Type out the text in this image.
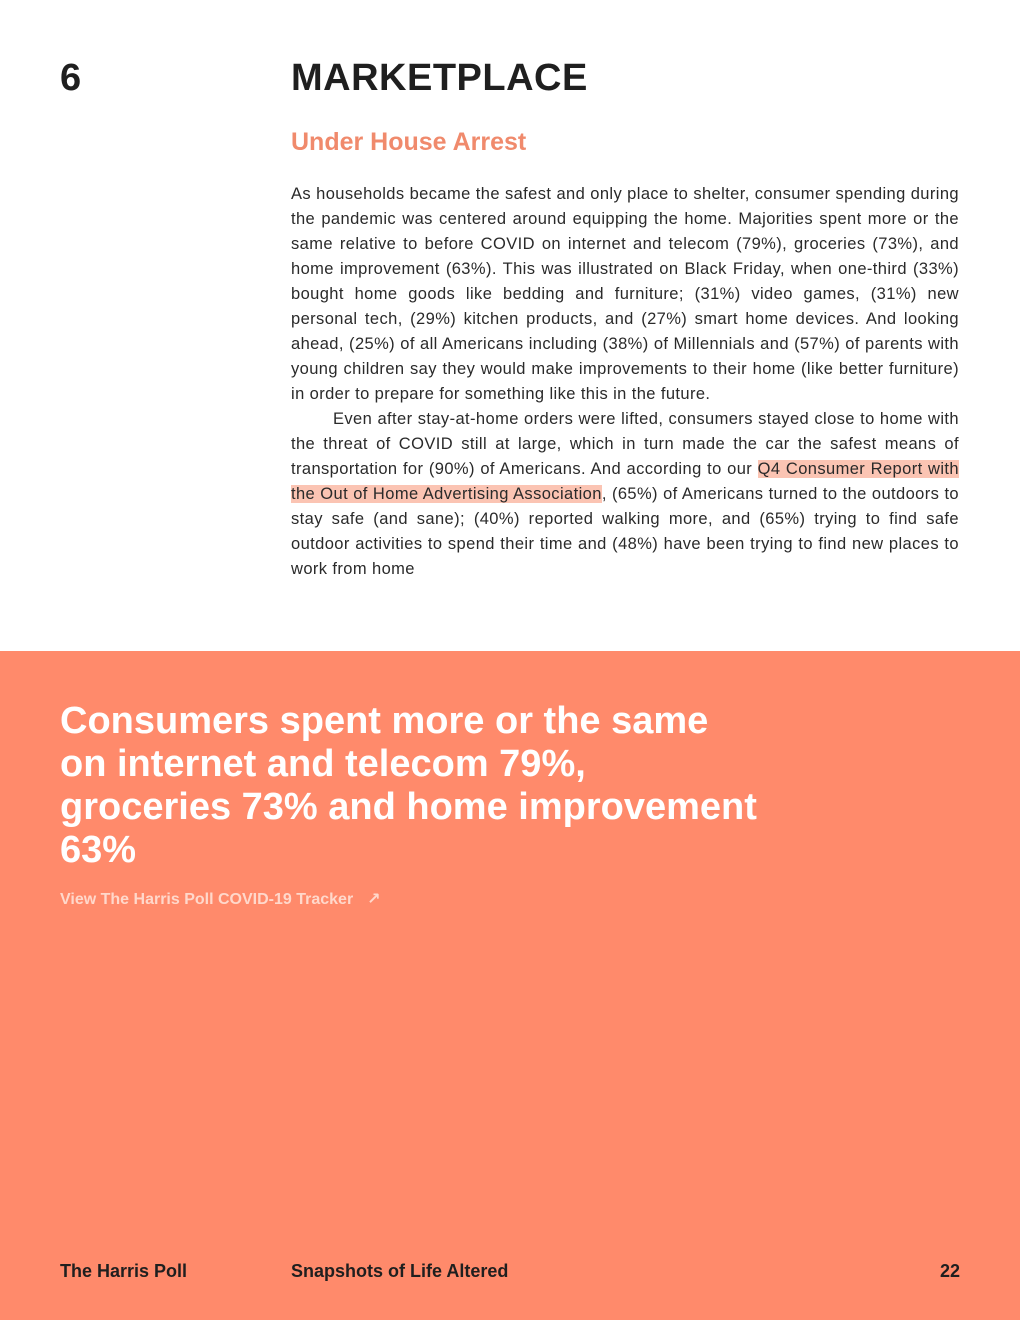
6	MARKETPLACE
Under House Arrest

As households became the safest and only place to shelter, consumer spending during the pandemic was centered around equipping the home. Majorities spent more or the same relative to before COVID on internet and telecom (79%), groceries (73%), and home improvement (63%). This was illustrated on Black Friday, when one-third (33%) bought home goods like bedding and furniture; (31%) video games, (31%) new personal tech, (29%) kitchen products, and (27%) smart home devices. And looking ahead, (25%) of all Americans including (38%) of Millennials and (57%) of parents with young children say they would make improvements to their home (like better furniture) in order to prepare for something like this in the future.

Even after stay-at-home orders were lifted, consumers stayed close to home with the threat of COVID still at large, which in turn made the car the safest means of transportation for (90%) of Americans. And according to our Q4 Consumer Report with the Out of Home Advertising Association, (65%) of Americans turned to the outdoors to stay safe (and sane); (40%) reported walking more, and (65%) trying to find safe outdoor activities to spend their time and (48%) have been trying to find new places to work from home

Consumers spent more or the same on internet and telecom 79%, groceries 73% and home improvement 63%
View The Harris Poll COVID-19 Tracker ↗
The Harris Poll	Snapshots of Life Altered	22
